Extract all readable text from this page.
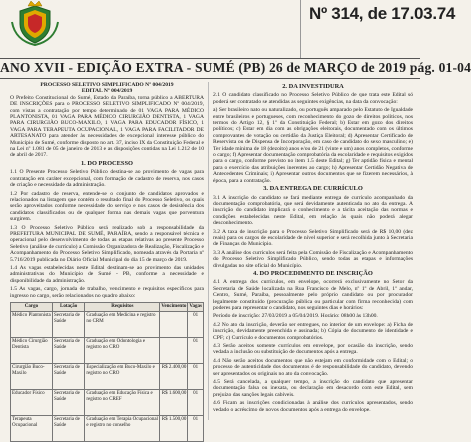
Nº 314, de 17.03.74
ANO XVII - EDIÇÃO EXTRA - SUMÉ (PB) 26 de MARÇO de 2019 pág. 01-04
PROCESSO SELETIVO SIMPLIFICADO Nº 004/2019
EDITAL Nº 004/2019

O Prefeito Constitucional do Sumé, Estado da Paraíba, torna público a ABERTURA DE INSCRIÇÕES para o PROCESSO SELETIVO SIMPLIFICADO Nº 004/2019, com vistas a contratação por tempo determinado de 01 VAGA PARA MÉDICO PLANTONISTA, 01 VAGA PARA MÉDICO CIRURGIÃO DENTISTA, 1 VAGA PARA CIRURGIÃO BUCO-MAXILO, 1 VAGA PARA EDUCADOR FÍSICO, 1 VAGA PARA TERAPEUTA OCUPACIONAL, 1 VAGA PARA FACILITADOR DE ARTESANATO para atender às necessidades de excepcional interesse público do Município de Sumé, conforme disposto no art. 37, inciso IX da Constituição Federal e na Lei nº 1.081 de 05 de janeiro de 2013 e as disposições contidas na Lei 1.212 de 10 de abril de 2017.

1. DO PROCESSO

1.1 O Presente Processo Seletivo Público destina-se ao provimento de vagas para contratação em caráter excepcional, com formação de cadastro de reserva, nos casos de criação e necessidade da administração.

1.2 Por cadastro de reserva, entende-se o conjunto de candidatos aprovados e relacionados na listagem que contém o resultado final do Processo Seletivo, os quais serão aproveitados conforme necessidade do serviço e nos casos de desistência dos candidatos classificados ou de qualquer forma nas demais vagas que porventura surgirem.

1.3 O Processo Seletivo Público será realizado sob a responsabilidade da PREFEITURA MUNICIPAL DE SUMÉ, PARAÍBA, sendo a responsável técnica e operacional pelo desenvolvimento de todas as etapas relativas ao presente Processo Seletivo (análise de currículo) a Comissão Organizadora de Realização, Fiscalização e Acompanhamento do Processo Seletivo Simplificado, nomeada através da Portaria nº 5.716/2019 publicada no Diário Oficial Municipal do dia 15 de março de 2019.

1.4 As vagas estabelecidas neste Edital destinam-se ao provimento das unidades administrativas do Município de Sumé - PB, conforme a necessidade e disponibilidade da administração.

1.5 As vagas, cargo, jornada de trabalho, vencimento e requisitos específicos para ingresso no cargo, serão relacionados no quadro abaixo:

Cargo	Lotação	Requisitos	Vencimento	Vagas
Médico Plantonista	Secretaria de Saúde	Graduação em Medicina e registro no CRM		01
Médico Cirurgião Dentista	Secretaria de Saúde	Graduação em Odontologia e registro no CRO		01
Cirurgião Buco-Maxilo	Secretaria de Saúde	Especialização em Buco-Maxilo e registro no CRO	R$ 2.400,00	01
Educador Físico	Secretaria de Saúde	Graduação em Educação Física e registro no CREF	R$ 1.600,00	01
Terapeuta Ocupacional	Secretaria de Saúde	Graduação em Terapia Ocupacional e registro no conselho	R$ 1.500,00	01
2. DA INVESTIDURA

2.1 O candidato classificado no Processo Seletivo Público de que trata este Edital só poderá ser contratado se atendidas as seguintes exigências, na data da convocação:

a) Ser brasileiro nato ou naturalizado, ou português amparado pelo Estatuto de Igualdade entre brasileiros e portugueses, com reconhecimento do gozo de direitos políticos, nos termos do Artigo 12, § 1º da Constituição Federal; b) Estar em gozo dos direitos políticos; c) Estar em dia com as obrigações eleitorais, documentado com os últimos comprovantes de votação ou certidão da Justiça Eleitoral; d) Apresentar Certificado de Reservista ou de Dispensa de Incorporação, em caso de candidato do sexo masculino; e) Ter idade mínima de 18 (dezoito) anos e/ou de 21 (vinte e um) anos completos, conforme o cargo; f) Apresentar documentação comprobatória da escolaridade e requisitos exigidos para o cargo, conforme previsto no item 1.5 deste Edital; g) Ter aptidão física e mental para o exercício das atribuições inerentes ao cargo; h) Apresentar Certidão Negativa de Antecedentes Criminais; i) Apresentar outros documentos que se fizerem necessários, à época, para a contratação.

3. DA ENTREGA DE CURRÍCULO

3.1 A inscrição do candidato se fará mediante entrega de currículo acompanhado da documentação comprobatória, que será devidamente autenticada no ato da entrega. A inscrição do candidato implicará o conhecimento e a tácita aceitação das normas e condições estabelecidas neste Edital, em relação às quais não poderá alegar desconhecimento.

3.2 A taxa de inscrição para o Processo Seletivo Simplificado será de R$ 10,00 (dez reais) para os cargos de escolaridade de nível superior e será recolhida junto à Secretaria de Finanças do Município.

3.3 A análise dos currículos será feita pela Comissão de Fiscalização e Acompanhamento do Processo Seletivo Simplificado Público, sendo todas as etapas e informações divulgadas no site oficial do Município.

4. DO PROCEDIMENTO DE INSCRIÇÃO

4.1 A entrega dos currículos, em envelope, ocorrerá exclusivamente no Setor da Secretaria de Saúde localizada na Rua Francisco de Melo, nº 1º de Abril, 1º andar, Centro, Sumé, Paraíba, pessoalmente pelo próprio candidato ou por procurador legalmente constituído (procuração pública ou particular com firma reconhecida) com poderes para representar o candidato, nos seguintes dias e horários:

Período de inscrição: 27/03/2019 a 05/04/2019. Horário: 08h00 às 13h00.

4.2 No ato da inscrição, deverão ser entregues, no interior de um envelope: a) Ficha de inscrição, devidamente preenchida e assinada; b) Cópia de documento de identidade e CPF; c) Currículo e documentos comprobatórios.

4.3 Serão aceitos somente currículos em envelope, por ocasião da inscrição, sendo vedada a inclusão ou substituição de documentos após a entrega.

4.4 Não serão aceitos documentos que não estejam em conformidade com o Edital; o processo de autenticidade dos documentos é de responsabilidade do candidato, devendo ser apresentados os originais no ato da convocação.

4.5 Será cancelada, a qualquer tempo, a inscrição do candidato que apresentar documentação falsa ou inexata, ou declaração em desacordo com este Edital, sem prejuízo das sanções legais cabíveis.

4.6 Ficam as inscrições condicionadas à análise dos currículos apresentados, sendo vedado o acréscimo de novos documentos após a entrega do envelope.
